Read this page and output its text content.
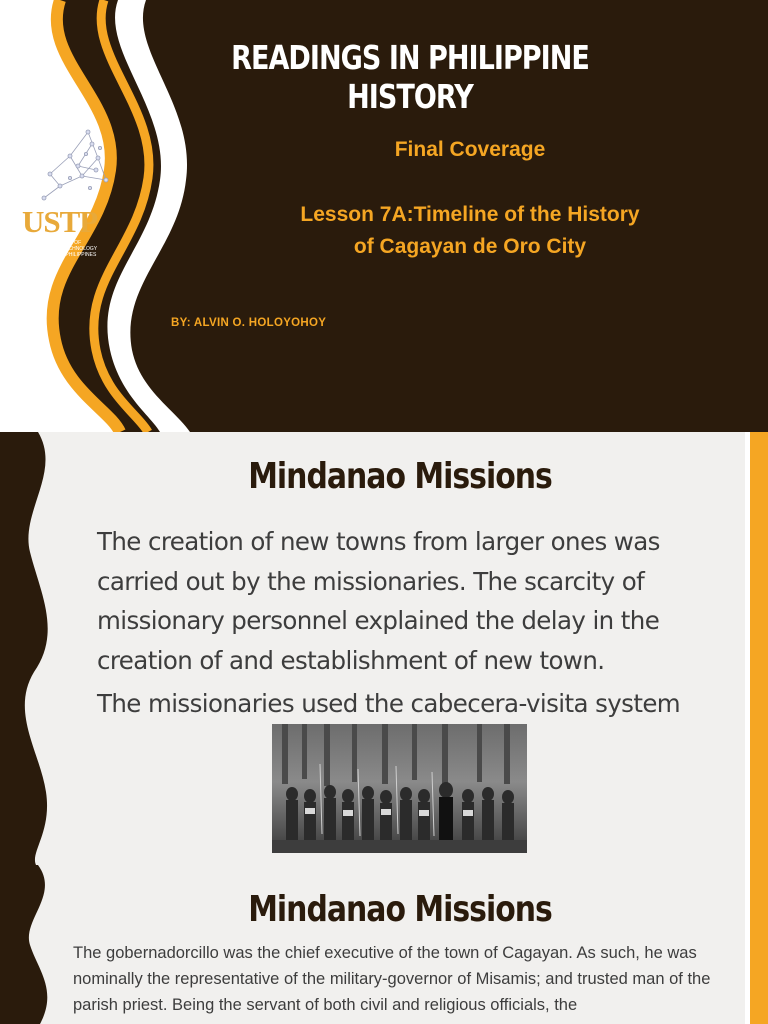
USTP
UNIVERSITY OF
SCIENCE AND TECHNOLOGY
OF SOUTHERN PHILIPPINES
READINGS IN PHILIPPINE HISTORY
Final Coverage
Lesson 7A:Timeline of the History
of Cagayan de Oro City
BY: ALVIN O. HOLOYOHOY
Mindanao Missions
The creation of new towns from larger ones was carried out by the missionaries. The scarcity of missionary personnel explained the delay in the creation of and establishment of new town.
The missionaries used the cabecera-visita system
Mindanao Missions
The gobernadorcillo was the chief executive of the town of Cagayan. As such, he was nominally the representative of the military-governor of Misamis; and trusted man of the parish priest. Being the servant of both civil and religious officials, the
